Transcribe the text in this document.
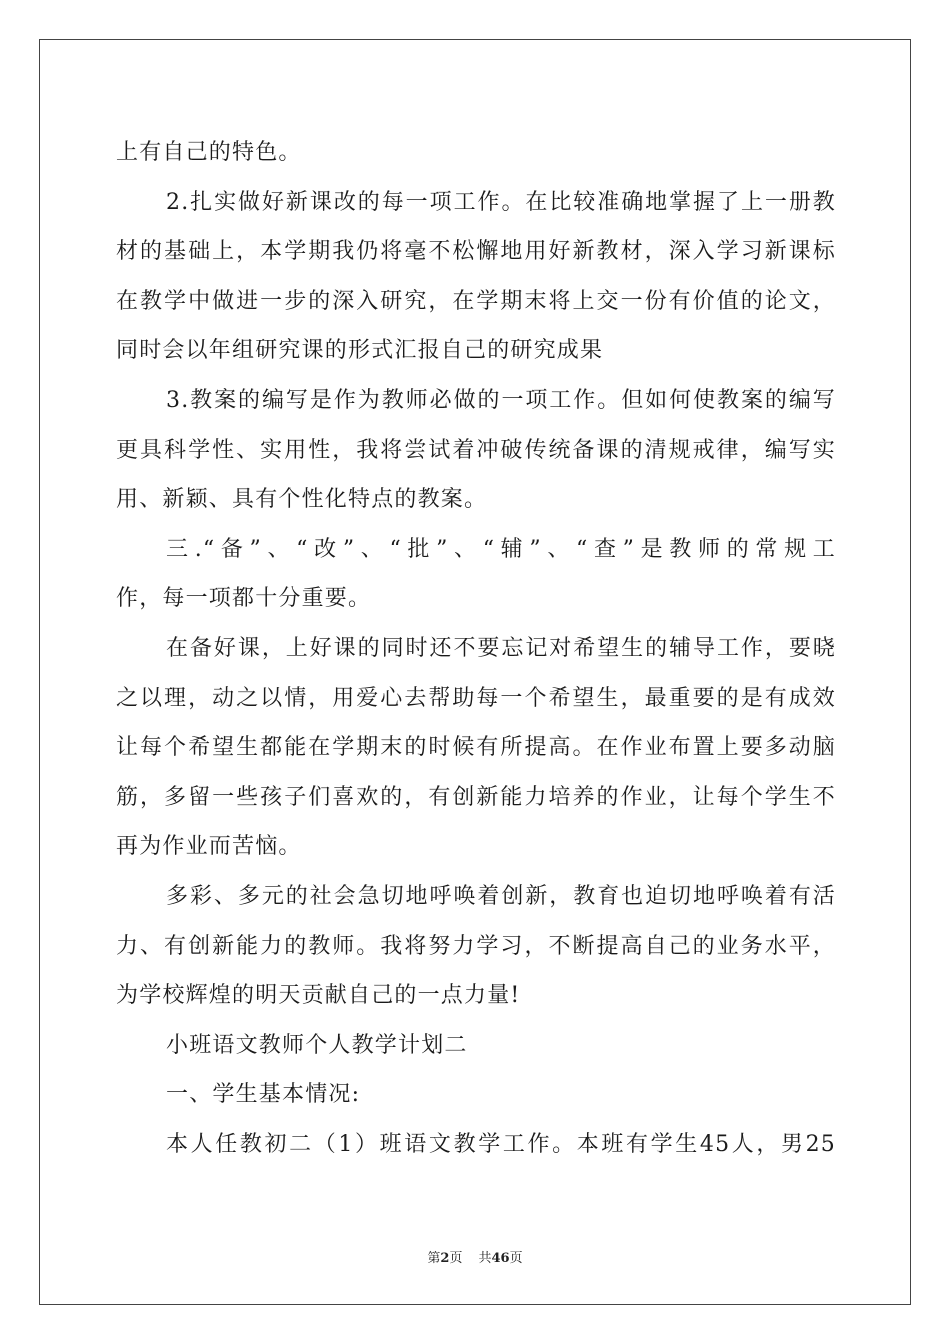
上有自己的特色。
2.扎实做好新课改的每一项工作。在比较准确地掌握了上一册教
材的基础上，本学期我仍将毫不松懈地用好新教材，深入学习新课标
在教学中做进一步的深入研究，在学期末将上交一份有价值的论文，
同时会以年组研究课的形式汇报自己的研究成果
3.教案的编写是作为教师必做的一项工作。但如何使教案的编写
更具科学性、实用性，我将尝试着冲破传统备课的清规戒律，编写实
用、新颖、具有个性化特点的教案。
三.“备”、“改”、“批”、“辅”、“查”是教师的常规工
作，每一项都十分重要。
在备好课，上好课的同时还不要忘记对希望生的辅导工作，要晓
之以理，动之以情，用爱心去帮助每一个希望生，最重要的是有成效
让每个希望生都能在学期末的时候有所提高。在作业布置上要多动脑
筋，多留一些孩子们喜欢的，有创新能力培养的作业，让每个学生不
再为作业而苦恼。
多彩、多元的社会急切地呼唤着创新，教育也迫切地呼唤着有活
力、有创新能力的教师。我将努力学习，不断提高自己的业务水平，
为学校辉煌的明天贡献自己的一点力量!
小班语文教师个人教学计划二
一、学生基本情况:
本人任教初二（1）班语文教学工作。本班有学生45人，男25
第2页 共46页
